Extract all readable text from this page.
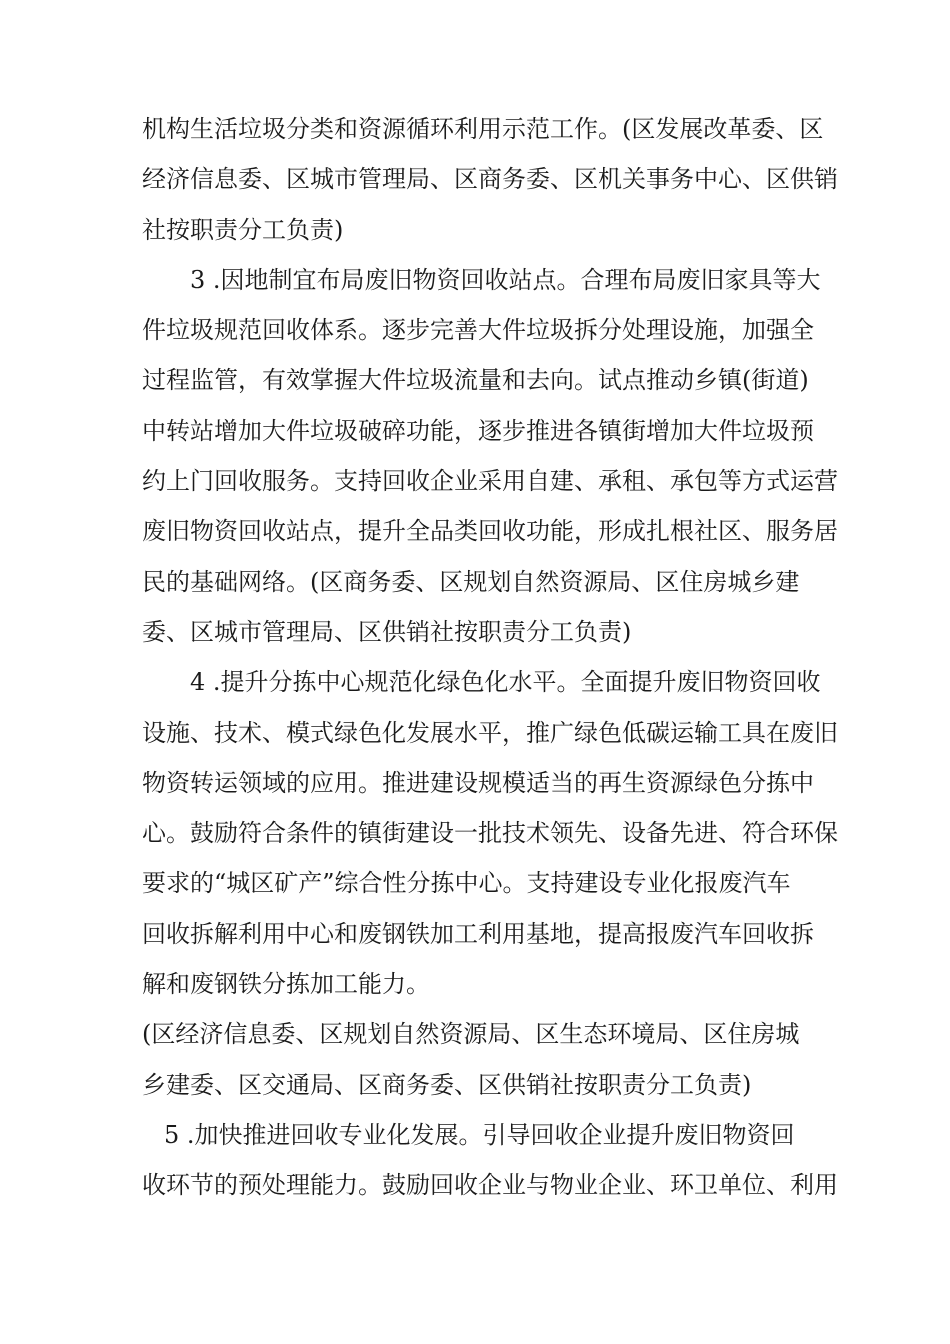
机构生活垃圾分类和资源循环利用示范工作。(区发展改革委、区
经济信息委、区城市管理局、区商务委、区机关事务中心、区供销
社按职责分工负责)
3 .因地制宜布局废旧物资回收站点。合理布局废旧家具等大
件垃圾规范回收体系。逐步完善大件垃圾拆分处理设施，加强全
过程监管，有效掌握大件垃圾流量和去向。试点推动乡镇(街道)
中转站增加大件垃圾破碎功能，逐步推进各镇街增加大件垃圾预
约上门回收服务。支持回收企业采用自建、承租、承包等方式运营
废旧物资回收站点，提升全品类回收功能，形成扎根社区、服务居
民的基础网络。(区商务委、区规划自然资源局、区住房城乡建
委、区城市管理局、区供销社按职责分工负责)
4 .提升分拣中心规范化绿色化水平。全面提升废旧物资回收
设施、技术、模式绿色化发展水平，推广绿色低碳运输工具在废旧
物资转运领域的应用。推进建设规模适当的再生资源绿色分拣中
心。鼓励符合条件的镇街建设一批技术领先、设备先进、符合环保
要求的“城区矿产”综合性分拣中心。支持建设专业化报废汽车
回收拆解利用中心和废钢铁加工利用基地，提高报废汽车回收拆
解和废钢铁分拣加工能力。
(区经济信息委、区规划自然资源局、区生态环境局、区住房城
乡建委、区交通局、区商务委、区供销社按职责分工负责)
5 .加快推进回收专业化发展。引导回收企业提升废旧物资回
收环节的预处理能力。鼓励回收企业与物业企业、环卫单位、利用
